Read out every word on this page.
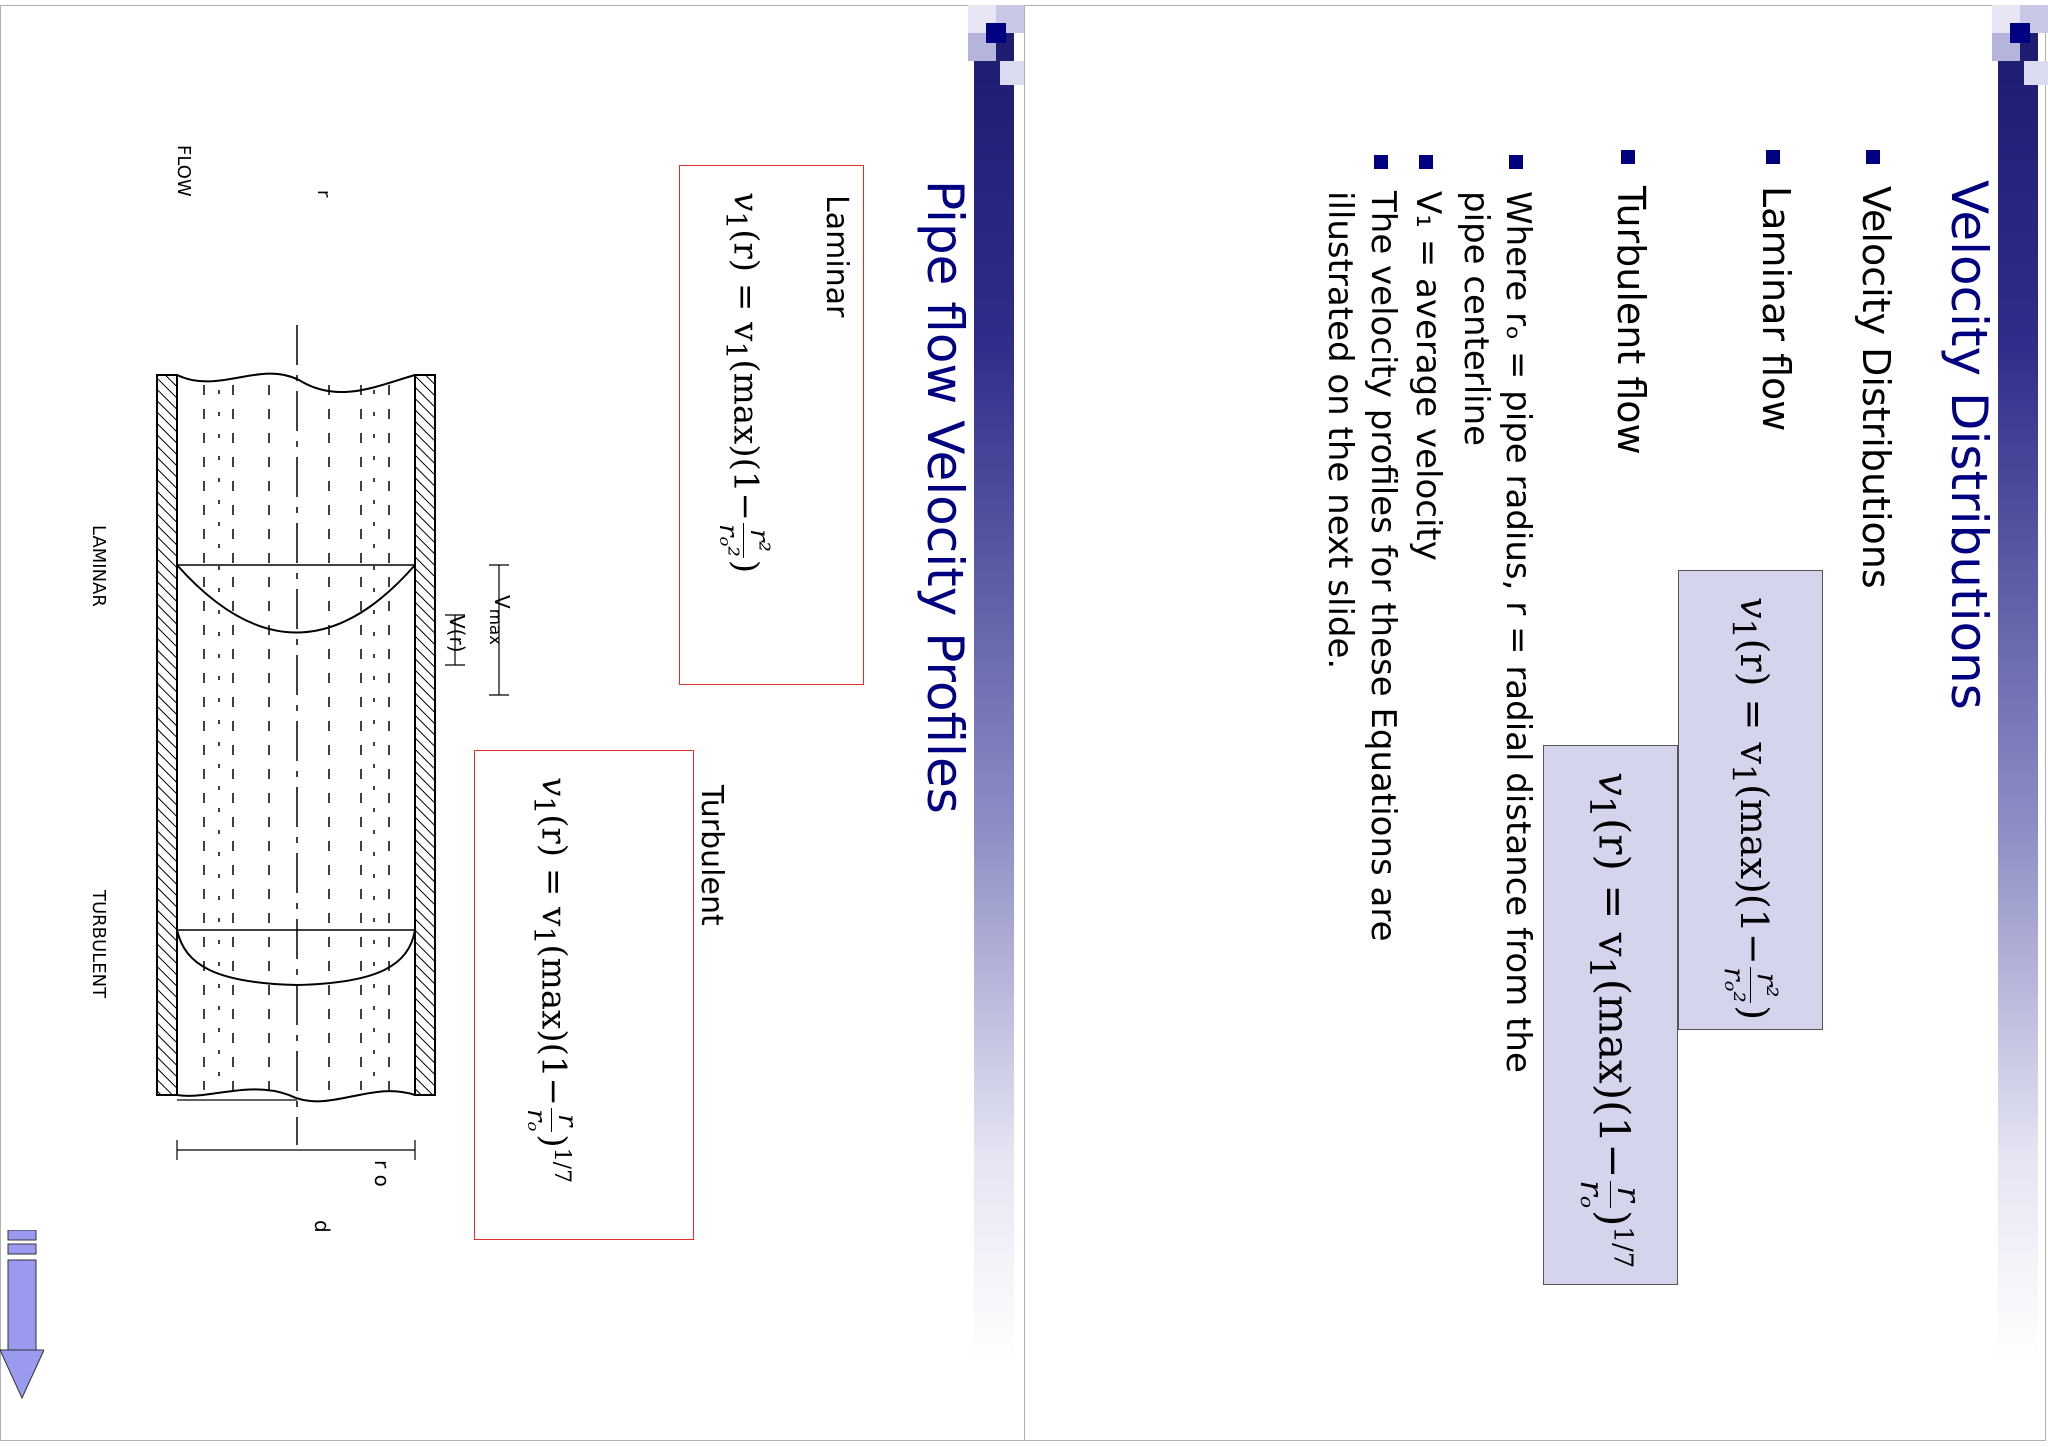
Pipe flow Velocity Profiles
$v_1(r) = v_1(\max)(1-$
r²
rₒ²
)
Laminar
$v_1(r) = v_1(\max)(1-$
r
rₒ
)$^{1/7}$
Turbulent
$V_{max}$
V(r)
FLOW	r
LAMINAR
TURBULENT
r o
d
Velocity Distributions
Velocity Distributions
Laminar flow
Turbulent flow
$v_1(r) = v_1(\max)(1-$
r²
rₒ²
)
$v_1(r) = v_1(\max)(1-$
r
rₒ
)$^{1/7}$
Where rₒ = pipe radius, r = radial distance from the
pipe centerline
V₁ = average velocity
The velocity profiles for these Equations are
illustrated on the next slide.
